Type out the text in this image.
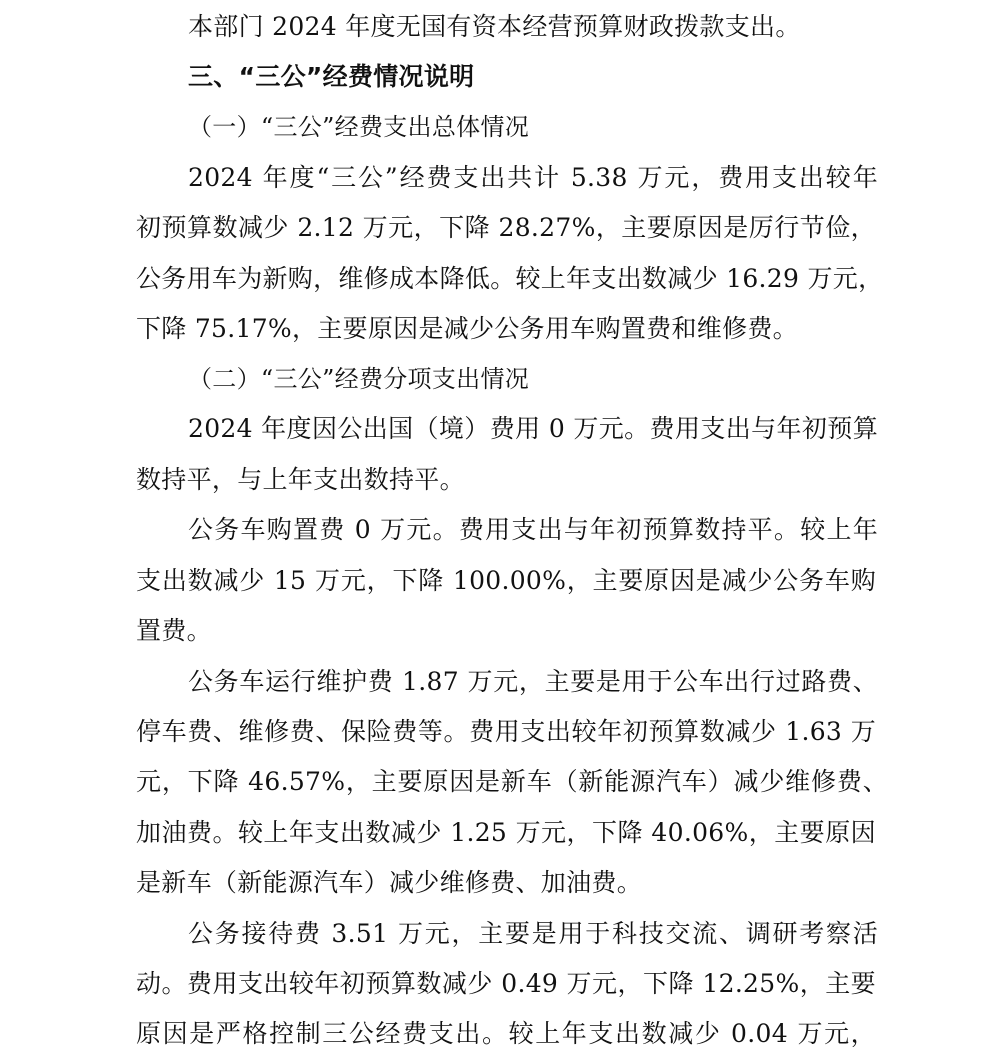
本部门 2024 年度无国有资本经营预算财政拨款支出。
三、“三公”经费情况说明
（一）“三公”经费支出总体情况
2024 年度“三公”经费支出共计 5.38 万元，费用支出较年
初预算数减少 2.12 万元，下降 28.27%，主要原因是厉行节俭，
公务用车为新购，维修成本降低。较上年支出数减少 16.29 万元，
下降 75.17%，主要原因是减少公务用车购置费和维修费。
（二）“三公”经费分项支出情况
2024 年度因公出国（境）费用 0 万元。费用支出与年初预算
数持平，与上年支出数持平。
公务车购置费 0 万元。费用支出与年初预算数持平。较上年
支出数减少 15 万元，下降 100.00%，主要原因是减少公务车购
置费。
公务车运行维护费 1.87 万元，主要是用于公车出行过路费、
停车费、维修费、保险费等。费用支出较年初预算数减少 1.63 万
元，下降 46.57%，主要原因是新车（新能源汽车）减少维修费、
加油费。较上年支出数减少 1.25 万元，下降 40.06%，主要原因
是新车（新能源汽车）减少维修费、加油费。
公务接待费 3.51 万元，主要是用于科技交流、调研考察活
动。费用支出较年初预算数减少 0.49 万元，下降 12.25%，主要
原因是严格控制三公经费支出。较上年支出数减少 0.04 万元，
